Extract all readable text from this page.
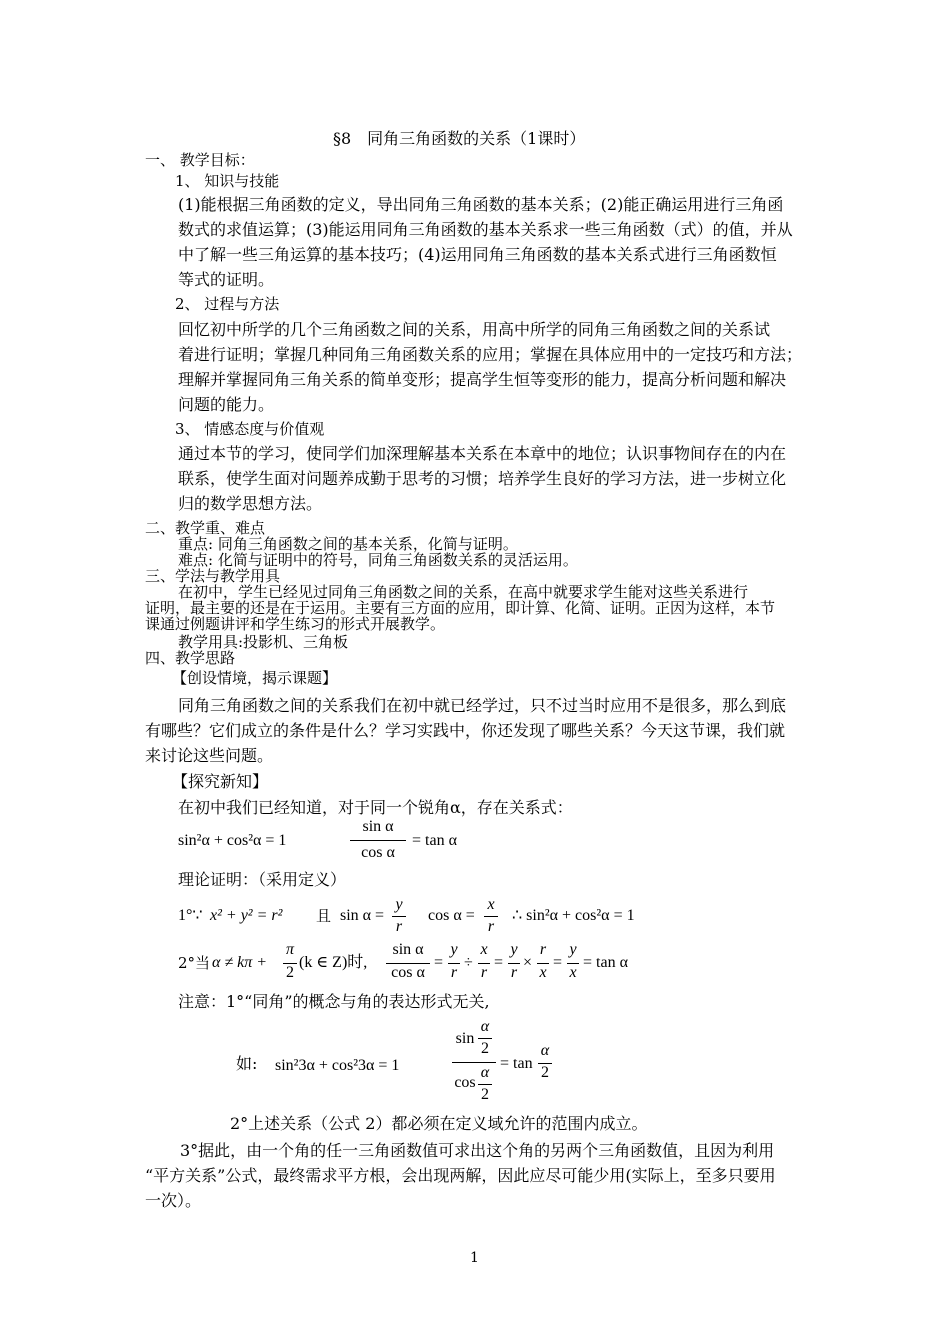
§8　同角三角函数的关系（1课时）
一、 教学目标：
1、 知识与技能
(1)能根据三角函数的定义，导出同角三角函数的基本关系；(2)能正确运用进行三角函
数式的求值运算；(3)能运用同角三角函数的基本关系求一些三角函数（式）的值，并从
中了解一些三角运算的基本技巧；(4)运用同角三角函数的基本关系式进行三角函数恒
等式的证明。
2、 过程与方法
回忆初中所学的几个三角函数之间的关系，用高中所学的同角三角函数之间的关系试
着进行证明；掌握几种同角三角函数关系的应用；掌握在具体应用中的一定技巧和方法；
理解并掌握同角三角关系的简单变形；提高学生恒等变形的能力，提高分析问题和解决
问题的能力。
3、 情感态度与价值观
通过本节的学习，使同学们加深理解基本关系在本章中的地位；认识事物间存在的内在
联系，使学生面对问题养成勤于思考的习惯；培养学生良好的学习方法，进一步树立化
归的数学思想方法。
二、教学重、难点
重点: 同角三角函数之间的基本关系，化简与证明。
难点: 化简与证明中的符号，同角三角函数关系的灵活运用。
三、学法与教学用具
在初中，学生已经见过同角三角函数之间的关系，在高中就要求学生能对这些关系进行
证明，最主要的还是在于运用。主要有三方面的应用，即计算、化简、证明。正因为这样，本节
课通过例题讲评和学生练习的形式开展教学。
教学用具:投影机、三角板
四、教学思路
【创设情境，揭示课题】
同角三角函数之间的关系我们在初中就已经学过，只不过当时应用不是很多，那么到底
有哪些？它们成立的条件是什么？学习实践中，你还发现了哪些关系？今天这节课，我们就
来讨论这些问题。
【探究新知】
在初中我们已经知道，对于同一个锐角α，存在关系式：
sin²α + cos²α = 1
sin α
cos α
= tan α
理论证明：（采用定义）
1°∵ x² + y² = r² 且 sin α =
y
r
cos α =
x
r
∴ sin²α + cos²α = 1
2°当 α ≠ kπ +
π
2
(k ∈ Z)时,
sin α
cos α
=
y
r
÷
x
r
=
y
r
×
r
x
=
y
x
= tan α
注意：1°“同角”的概念与角的表达形式无关,
如: sin²3α + cos²3α = 1
sin
α
2
cos
α
2
= tan
α
2
2°上述关系（公式 2）都必须在定义域允许的范围内成立。
3°据此，由一个角的任一三角函数值可求出这个角的另两个三角函数值，且因为利用
“平方关系”公式，最终需求平方根，会出现两解，因此应尽可能少用(实际上，至多只要用
一次）。
1
